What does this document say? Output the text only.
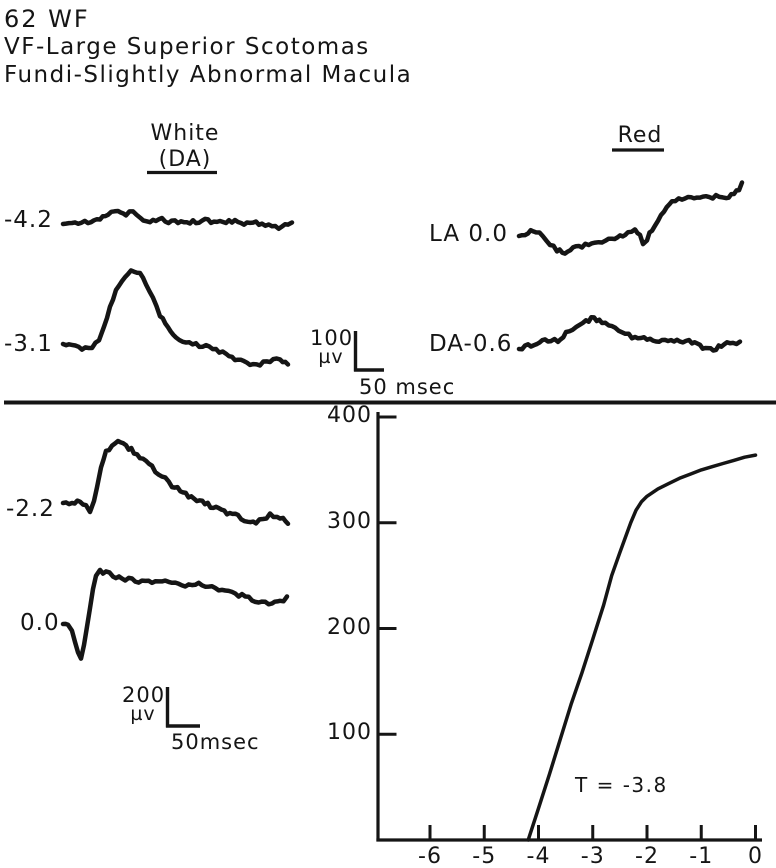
62 WF
VF-Large Superior Scotomas
Fundi-Slightly Abnormal Macula
White
(DA)
Red
-4.2
-3.1
LA 0.0
DA-0.6
-2.2
0.0
100
µv
50 msec
200
µv
50msec
T = -3.8
100
200
300
400
-6	-5	-4	-3	-2	-1	0
